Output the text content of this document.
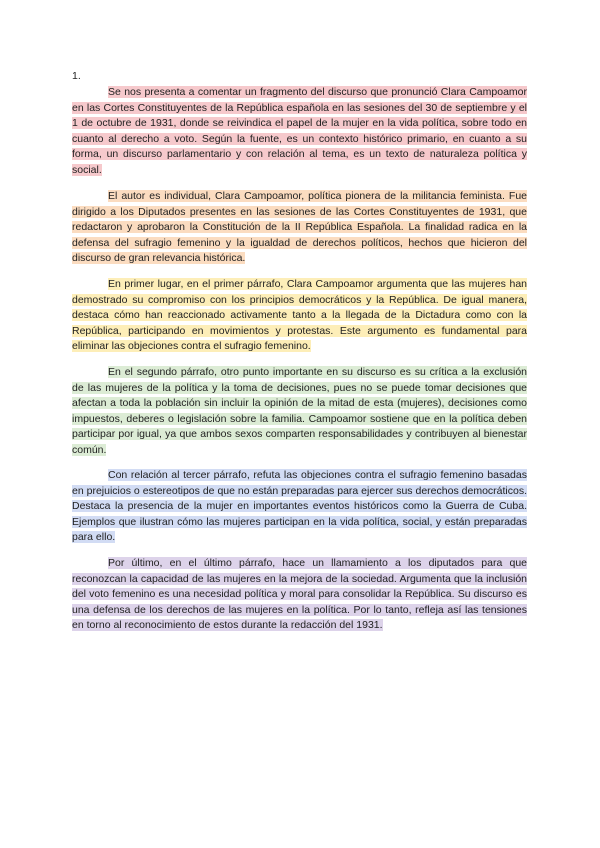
1.

Se nos presenta a comentar un fragmento del discurso que pronunció Clara Campoamor en las Cortes Constituyentes de la República española en las sesiones del 30 de septiembre y el 1 de octubre de 1931, donde se reivindica el papel de la mujer en la vida política, sobre todo en cuanto al derecho a voto. Según la fuente, es un contexto histórico primario, en cuanto a su forma, un discurso parlamentario y con relación al tema, es un texto de naturaleza política y social.

El autor es individual, Clara Campoamor, política pionera de la militancia feminista. Fue dirigido a los Diputados presentes en las sesiones de las Cortes Constituyentes de 1931, que redactaron y aprobaron la Constitución de la II República Española. La finalidad radica en la defensa del sufragio femenino y la igualdad de derechos políticos, hechos que hicieron del discurso de gran relevancia histórica.

En primer lugar, en el primer párrafo, Clara Campoamor argumenta que las mujeres han demostrado su compromiso con los principios democráticos y la República. De igual manera, destaca cómo han reaccionado activamente tanto a la llegada de la Dictadura como con la República, participando en movimientos y protestas. Este argumento es fundamental para eliminar las objeciones contra el sufragio femenino.

En el segundo párrafo, otro punto importante en su discurso es su crítica a la exclusión de las mujeres de la política y la toma de decisiones, pues no se puede tomar decisiones que afectan a toda la población sin incluir la opinión de la mitad de esta (mujeres), decisiones como impuestos, deberes o legislación sobre la familia. Campoamor sostiene que en la política deben participar por igual, ya que ambos sexos comparten responsabilidades y contribuyen al bienestar común.

Con relación al tercer párrafo, refuta las objeciones contra el sufragio femenino basadas en prejuicios o estereotipos de que no están preparadas para ejercer sus derechos democráticos. Destaca la presencia de la mujer en importantes eventos históricos como la Guerra de Cuba. Ejemplos que ilustran cómo las mujeres participan en la vida política, social, y están preparadas para ello.

Por último, en el último párrafo, hace un llamamiento a los diputados para que reconozcan la capacidad de las mujeres en la mejora de la sociedad. Argumenta que la inclusión del voto femenino es una necesidad política y moral para consolidar la República. Su discurso es una defensa de los derechos de las mujeres en la política. Por lo tanto, refleja así las tensiones en torno al reconocimiento de estos durante la redacción del 1931.
